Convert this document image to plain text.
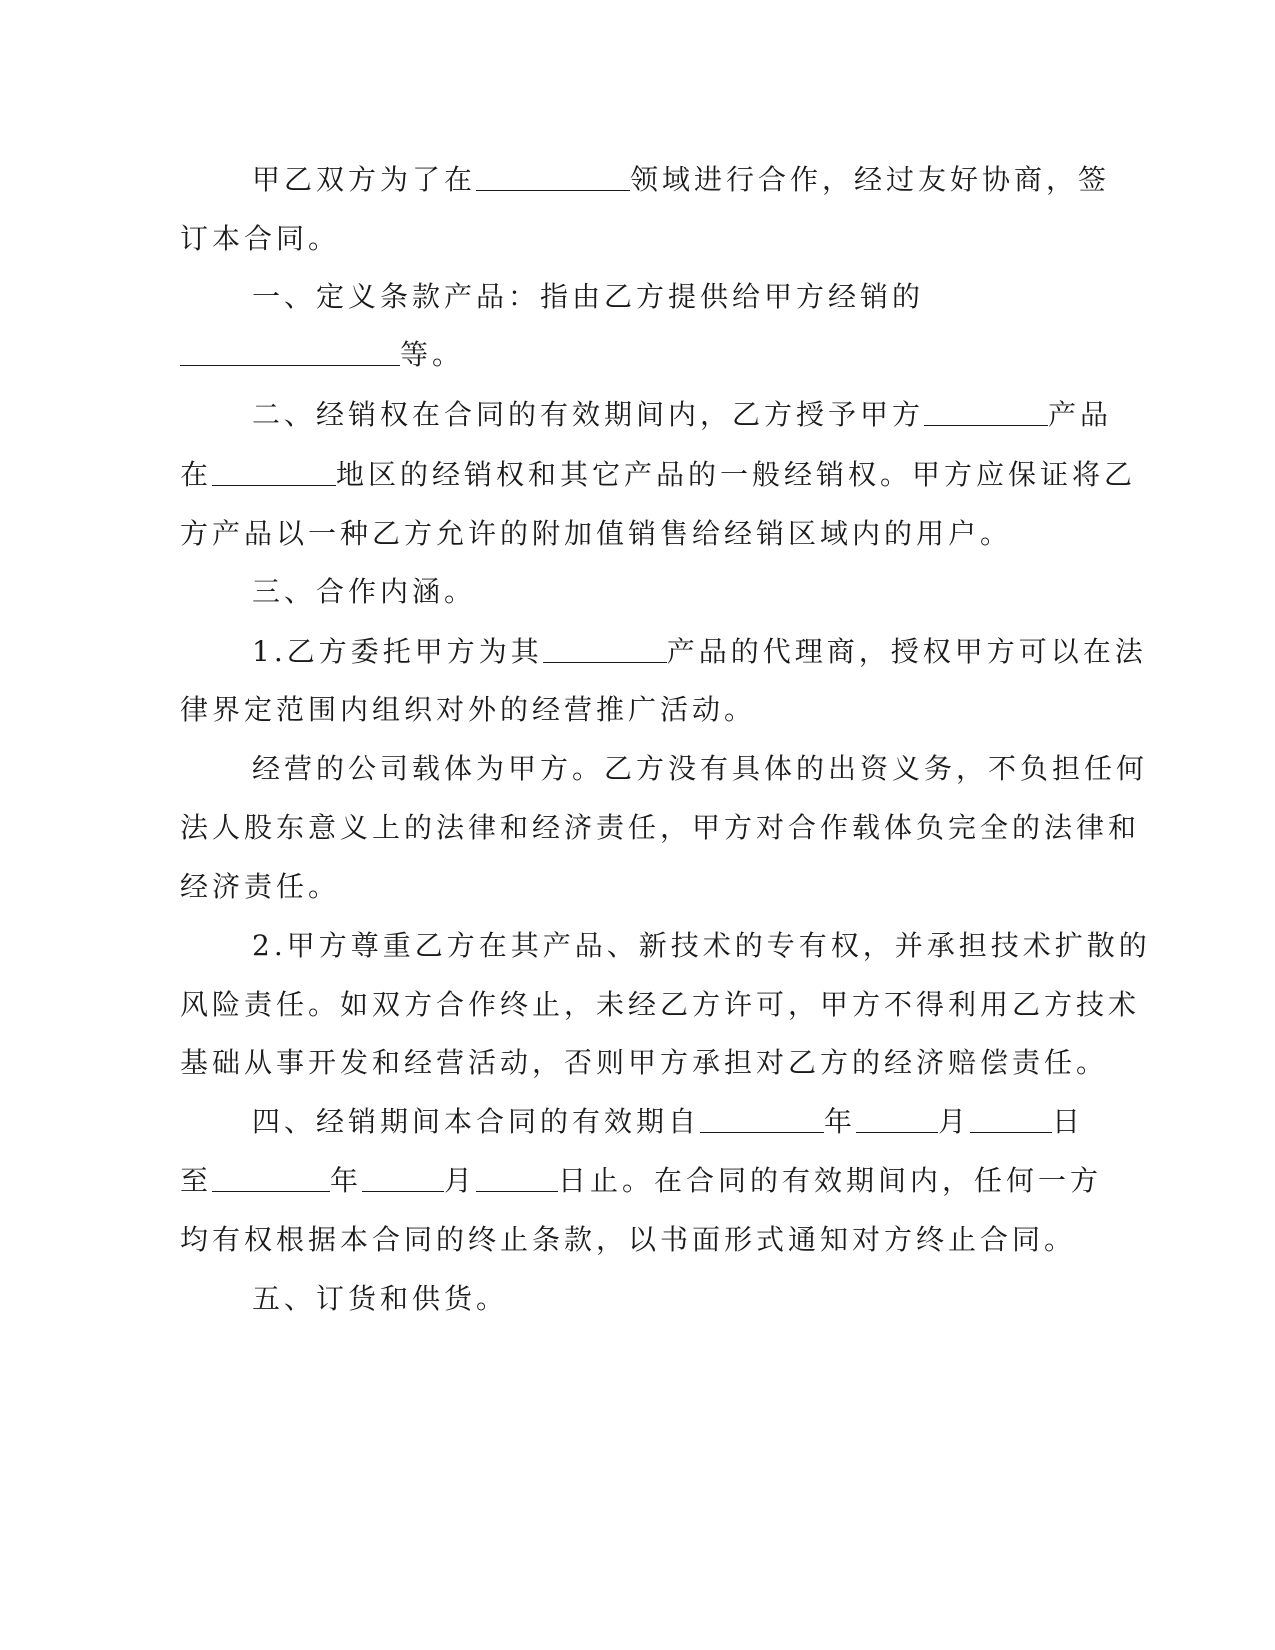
甲乙双方为了在	领域进行合作，经过友好协商，签
订本合同。
一、定义条款产品：指由乙方提供给甲方经销的
等。
二、经销权在合同的有效期间内，乙方授予甲方	产品
在	地区的经销权和其它产品的一般经销权。甲方应保证将乙
方产品以一种乙方允许的附加值销售给经销区域内的用户。
三、合作内涵。
1.乙方委托甲方为其	产品的代理商，授权甲方可以在法
律界定范围内组织对外的经营推广活动。
经营的公司载体为甲方。乙方没有具体的出资义务，不负担任何
法人股东意义上的法律和经济责任，甲方对合作载体负完全的法律和
经济责任。
2.甲方尊重乙方在其产品、新技术的专有权，并承担技术扩散的
风险责任。如双方合作终止，未经乙方许可，甲方不得利用乙方技术
基础从事开发和经营活动，否则甲方承担对乙方的经济赔偿责任。
四、经销期间本合同的有效期自	年	月	日
至	年	月	日止。在合同的有效期间内，任何一方
均有权根据本合同的终止条款，以书面形式通知对方终止合同。
五、订货和供货。
